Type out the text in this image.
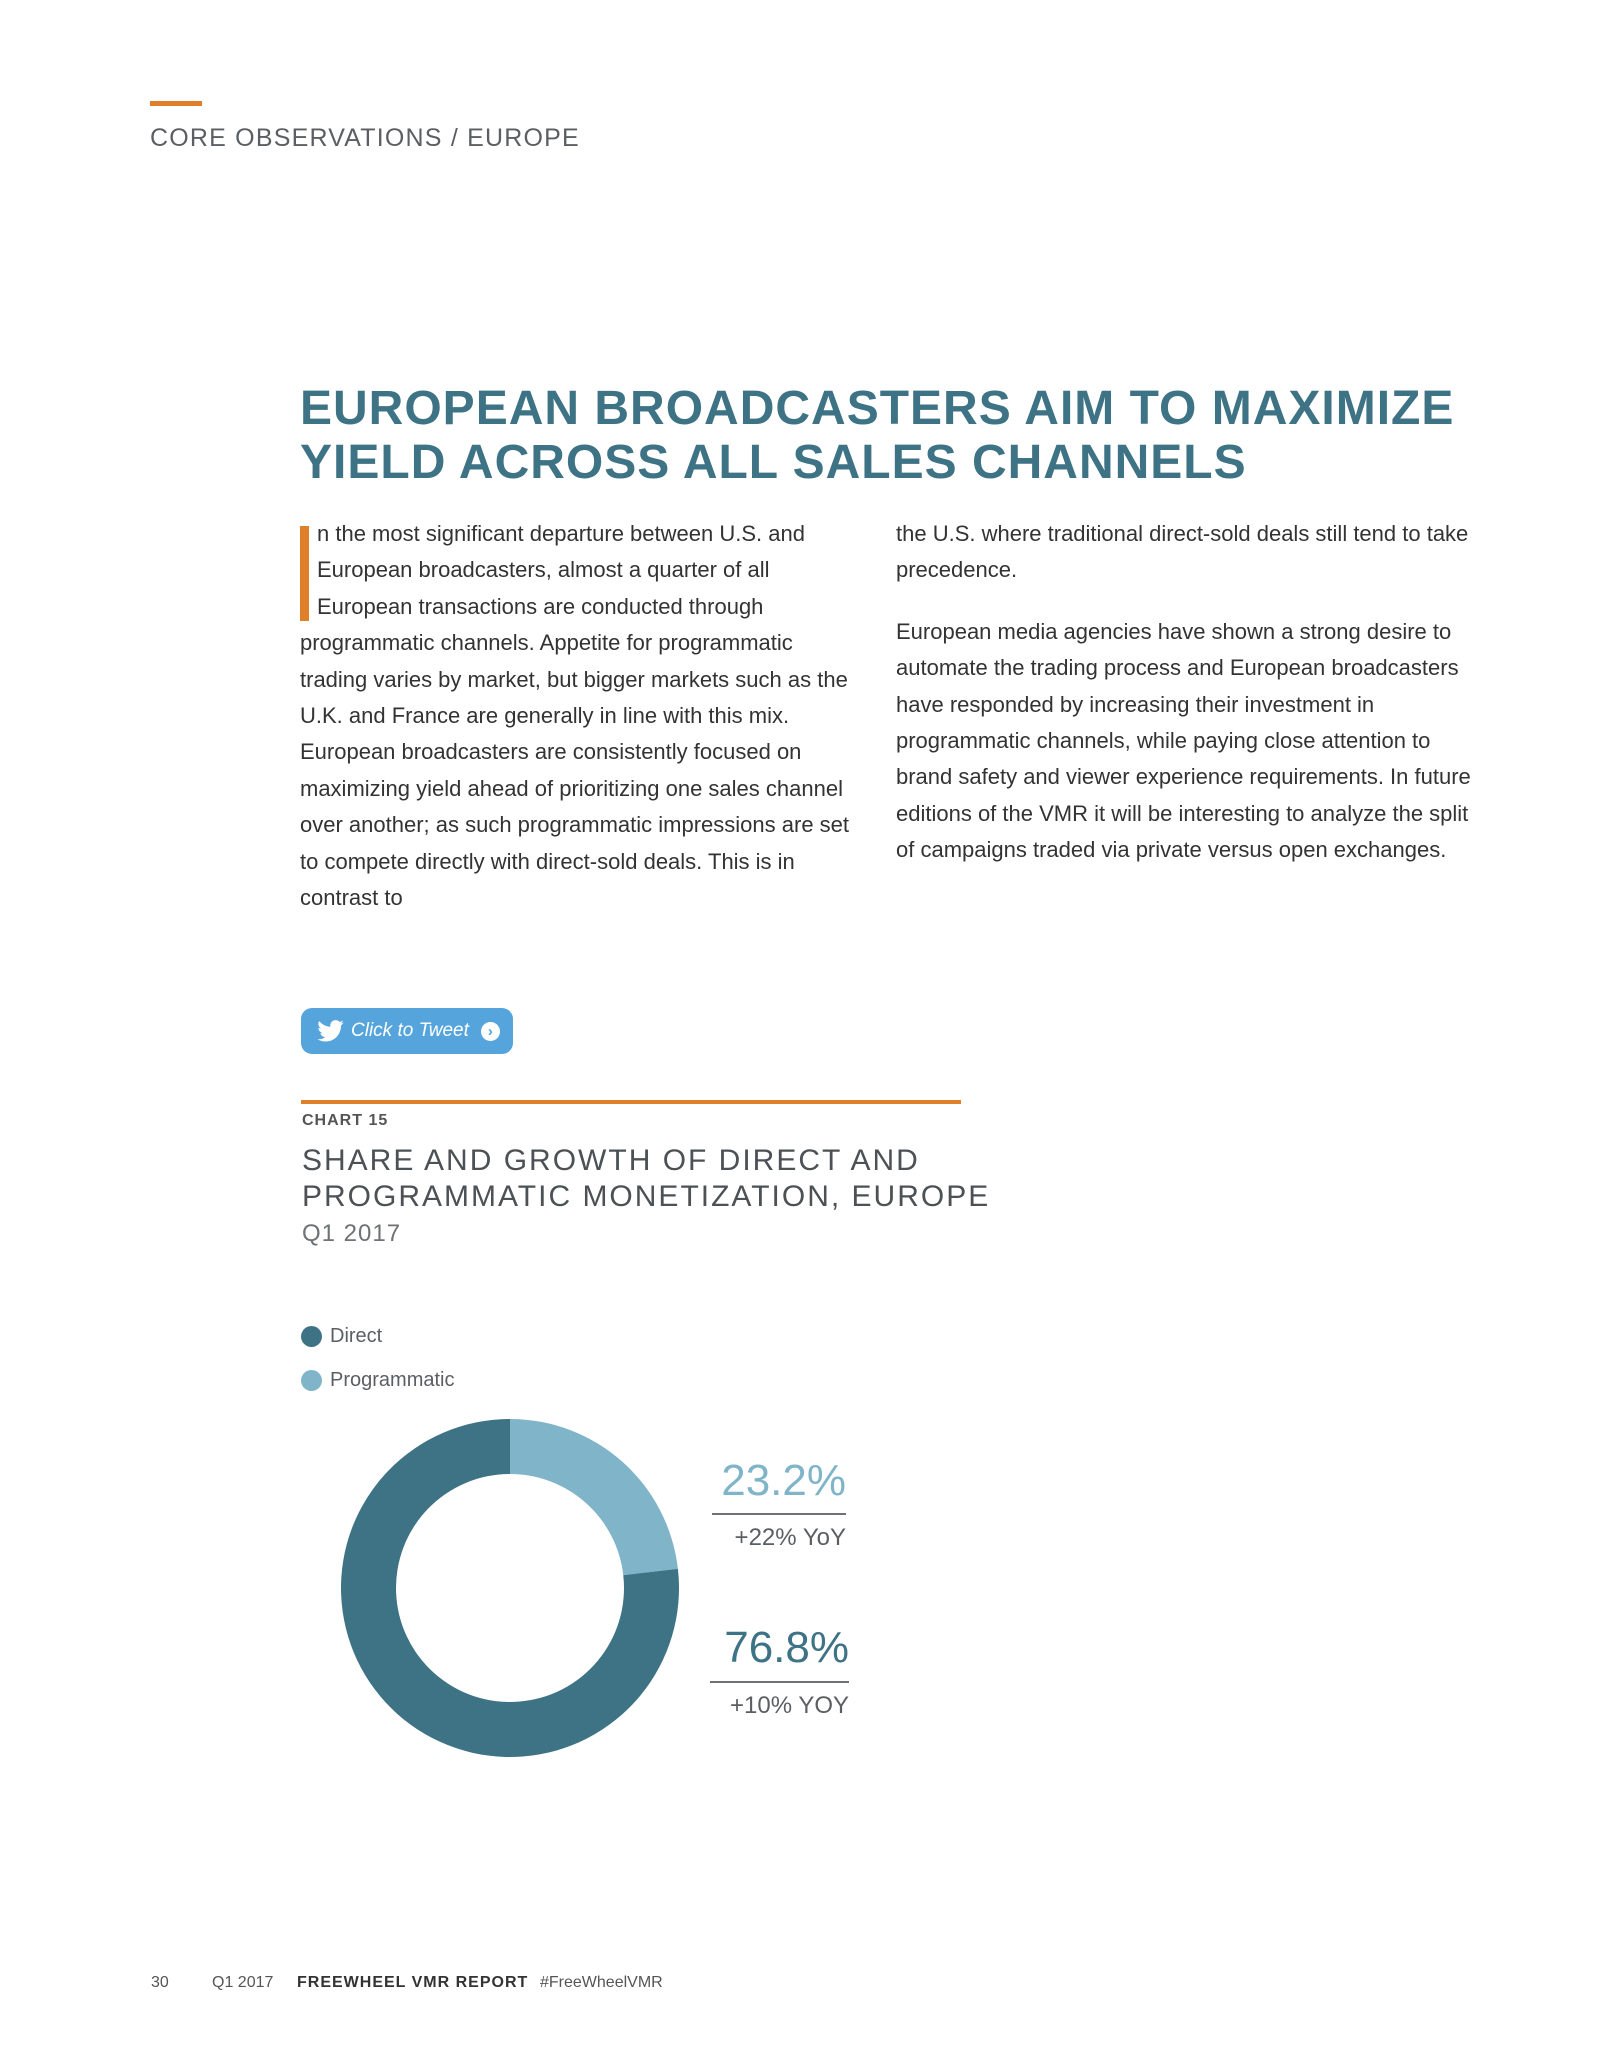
CORE OBSERVATIONS / EUROPE
EUROPEAN BROADCASTERS AIM TO MAXIMIZE
YIELD ACROSS ALL SALES CHANNELS
n the most significant departure between U.S. and European broadcasters, almost a quarter of all European transactions are conducted through programmatic channels. Appetite for programmatic trading varies by market, but bigger markets such as the U.K. and France are generally in line with this mix. European broadcasters are consistently focused on maximizing yield ahead of prioritizing one sales channel over another; as such programmatic impressions are set to compete directly with direct-sold deals. This is in contrast to

the U.S. where traditional direct-sold deals still tend to take precedence.

European media agencies have shown a strong desire to automate the trading process and European broadcasters have responded by increasing their investment in programmatic channels, while paying close attention to brand safety and viewer experience requirements. In future editions of the VMR it will be interesting to analyze the split of campaigns traded via private versus open exchanges.

Click to Tweet	›
CHART 15
SHARE AND GROWTH OF DIRECT AND
PROGRAMMATIC MONETIZATION, EUROPE
Q1 2017
Direct
Programmatic
23.2%
+22% YoY
76.8%
+10% YOY
30	Q1 2017 FREEWHEEL VMR REPORT #FreeWheelVMR
